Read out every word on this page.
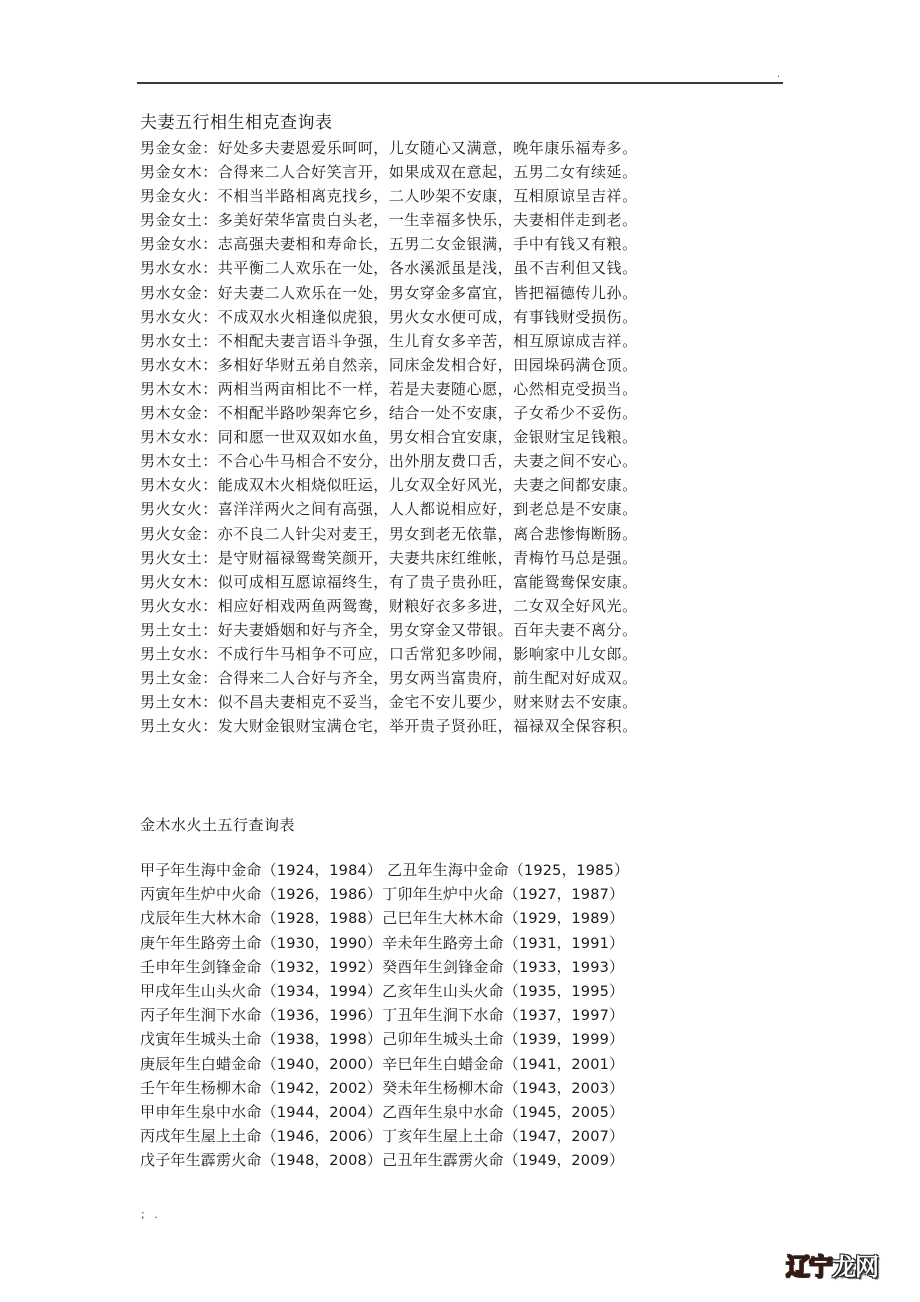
.
夫妻五行相生相克查询表
男金女金：好处多夫妻恩爱乐呵呵，儿女随心又满意，晚年康乐福寿多。
男金女木：合得来二人合好笑言开，如果成双在意起，五男二女有续延。
男金女火：不相当半路相离克找乡，二人吵架不安康，互相原谅呈吉祥。
男金女土：多美好荣华富贵白头老，一生幸福多快乐，夫妻相伴走到老。
男金女水：志高强夫妻相和寿命长，五男二女金银满，手中有钱又有粮。
男水女水：共平衡二人欢乐在一处，各水溪派虽是浅，虽不吉利但又钱。
男水女金：好夫妻二人欢乐在一处，男女穿金多富宜，皆把福德传儿孙。
男水女火：不成双水火相逢似虎狼，男火女水便可成，有事钱财受损伤。
男水女土：不相配夫妻言语斗争强，生儿育女多辛苦，相互原谅成吉祥。
男水女木：多相好华财五弟自然亲，同床金发相合好，田园垛码满仓顶。
男木女木：两相当两亩相比不一样，若是夫妻随心愿，心然相克受损当。
男木女金：不相配半路吵架奔它乡，结合一处不安康，子女希少不妥伤。
男木女水：同和愿一世双双如水鱼，男女相合宜安康，金银财宝足钱粮。
男木女土：不合心牛马相合不安分，出外朋友费口舌，夫妻之间不安心。
男木女火：能成双木火相烧似旺运，儿女双全好风光，夫妻之间都安康。
男火女火：喜洋洋两火之间有高强，人人都说相应好，到老总是不安康。
男火女金：亦不良二人针尖对麦王，男女到老无依靠，离合悲惨悔断肠。
男火女土：是守财福禄鸳鸯笑颜开，夫妻共床红维帐，青梅竹马总是强。
男火女木：似可成相互愿谅福终生，有了贵子贵孙旺，富能鸳鸯保安康。
男火女水：相应好相戏两鱼两鸳鸯，财粮好衣多多进，二女双全好风光。
男土女土：好夫妻婚姻和好与齐全，男女穿金又带银。百年夫妻不离分。
男土女水：不成行牛马相争不可应，口舌常犯多吵闹，影响家中儿女郎。
男土女金：合得来二人合好与齐全，男女两当富贵府，前生配对好成双。
男土女木：似不昌夫妻相克不妥当，金宅不安儿要少，财来财去不安康。
男土女火：发大财金银财宝满仓宅，举开贵子贤孙旺，福禄双全保容积。
金木水火土五行查询表
甲子年生海中金命（1924，1984） 乙丑年生海中金命（1925，1985）
丙寅年生炉中火命（1926，1986）丁卯年生炉中火命（1927，1987）
戊辰年生大林木命（1928，1988）己巳年生大林木命（1929，1989）
庚午年生路旁土命（1930，1990）辛未年生路旁土命（1931，1991）
壬申年生剑锋金命（1932，1992）癸酉年生剑锋金命（1933，1993）
甲戌年生山头火命（1934，1994）乙亥年生山头火命（1935，1995）
丙子年生涧下水命（1936，1996）丁丑年生涧下水命（1937，1997）
戊寅年生城头土命（1938，1998）己卯年生城头土命（1939，1999）
庚辰年生白蜡金命（1940，2000）辛巳年生白蜡金命（1941，2001）
壬午年生杨柳木命（1942，2002）癸未年生杨柳木命（1943，2003）
甲申年生泉中水命（1944，2004）乙酉年生泉中水命（1945，2005）
丙戌年生屋上土命（1946，2006）丁亥年生屋上土命（1947，2007）
戊子年生霹雳火命（1948，2008）己丑年生霹雳火命（1949，2009）
; .
辽宁龙网
